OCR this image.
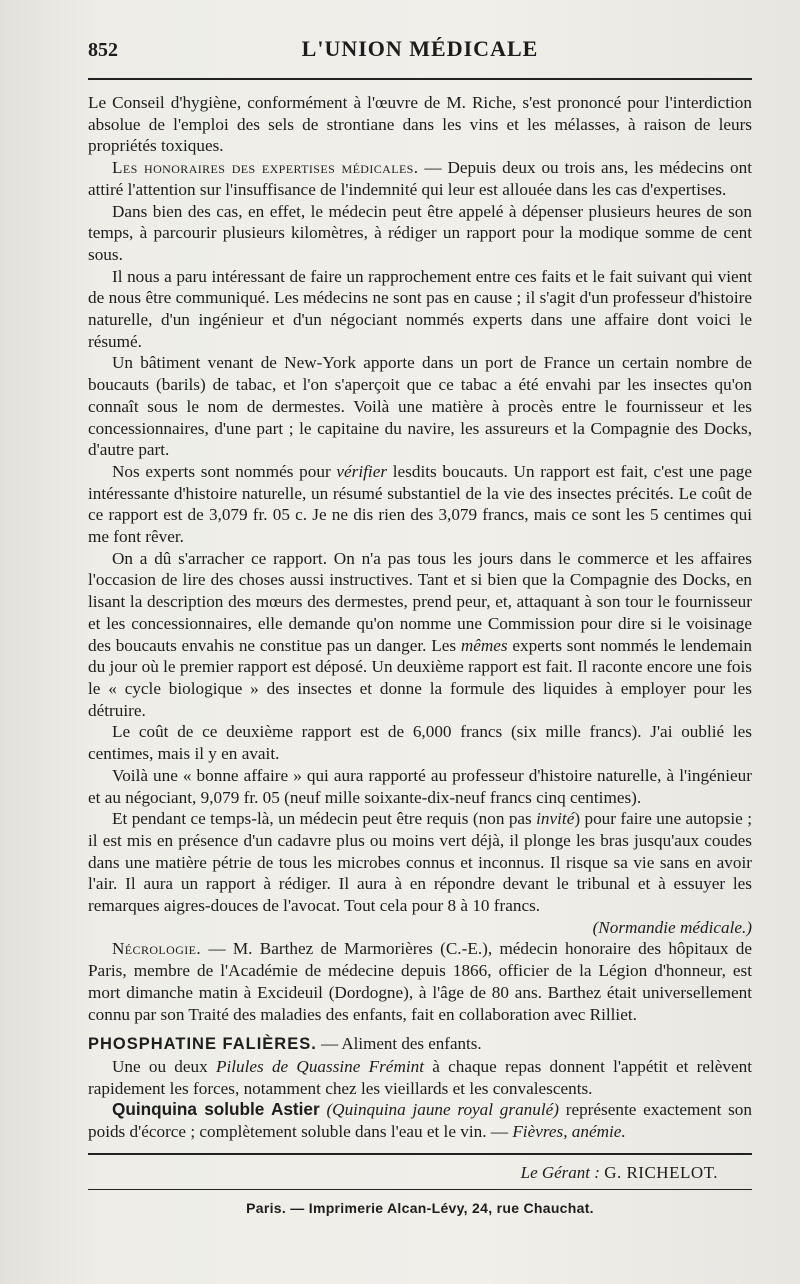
852	L'UNION MÉDICALE

Le Conseil d'hygiène, conformément à l'œuvre de M. Riche, s'est prononcé pour l'interdiction absolue de l'emploi des sels de strontiane dans les vins et les mélasses, à raison de leurs propriétés toxiques.

Les honoraires des expertises médicales. — Depuis deux ou trois ans, les médecins ont attiré l'attention sur l'insuffisance de l'indemnité qui leur est allouée dans les cas d'expertises.

Dans bien des cas, en effet, le médecin peut être appelé à dépenser plusieurs heures de son temps, à parcourir plusieurs kilomètres, à rédiger un rapport pour la modique somme de cent sous.

Il nous a paru intéressant de faire un rapprochement entre ces faits et le fait suivant qui vient de nous être communiqué. Les médecins ne sont pas en cause ; il s'agit d'un professeur d'histoire naturelle, d'un ingénieur et d'un négociant nommés experts dans une affaire dont voici le résumé.

Un bâtiment venant de New-York apporte dans un port de France un certain nombre de boucauts (barils) de tabac, et l'on s'aperçoit que ce tabac a été envahi par les insectes qu'on connaît sous le nom de dermestes. Voilà une matière à procès entre le fournisseur et les concessionnaires, d'une part ; le capitaine du navire, les assureurs et la Compagnie des Docks, d'autre part.

Nos experts sont nommés pour vérifier lesdits boucauts. Un rapport est fait, c'est une page intéressante d'histoire naturelle, un résumé substantiel de la vie des insectes précités. Le coût de ce rapport est de 3,079 fr. 05 c. Je ne dis rien des 3,079 francs, mais ce sont les 5 centimes qui me font rêver.

On a dû s'arracher ce rapport. On n'a pas tous les jours dans le commerce et les affaires l'occasion de lire des choses aussi instructives. Tant et si bien que la Compagnie des Docks, en lisant la description des mœurs des dermestes, prend peur, et, attaquant à son tour le fournisseur et les concessionnaires, elle demande qu'on nomme une Commission pour dire si le voisinage des boucauts envahis ne constitue pas un danger. Les mêmes experts sont nommés le lendemain du jour où le premier rapport est déposé. Un deuxième rapport est fait. Il raconte encore une fois le « cycle biologique » des insectes et donne la formule des liquides à employer pour les détruire.

Le coût de ce deuxième rapport est de 6,000 francs (six mille francs). J'ai oublié les centimes, mais il y en avait.

Voilà une « bonne affaire » qui aura rapporté au professeur d'histoire naturelle, à l'ingénieur et au négociant, 9,079 fr. 05 (neuf mille soixante-dix-neuf francs cinq centimes).

Et pendant ce temps-là, un médecin peut être requis (non pas invité) pour faire une autopsie ; il est mis en présence d'un cadavre plus ou moins vert déjà, il plonge les bras jusqu'aux coudes dans une matière pétrie de tous les microbes connus et inconnus. Il risque sa vie sans en avoir l'air. Il aura un rapport à rédiger. Il aura à en répondre devant le tribunal et à essuyer les remarques aigres-douces de l'avocat. Tout cela pour 8 à 10 francs.

(Normandie médicale.)

Nécrologie. — M. Barthez de Marmorières (C.-E.), médecin honoraire des hôpitaux de Paris, membre de l'Académie de médecine depuis 1866, officier de la Légion d'honneur, est mort dimanche matin à Excideuil (Dordogne), à l'âge de 80 ans. Barthez était universellement connu par son Traité des maladies des enfants, fait en collaboration avec Rilliet.

PHOSPHATINE FALIÈRES. — Aliment des enfants.

Une ou deux Pilules de Quassine Frémint à chaque repas donnent l'appétit et relèvent rapidement les forces, notamment chez les vieillards et les convalescents.

Quinquina soluble Astier (Quinquina jaune royal granulé) représente exactement son poids d'écorce ; complètement soluble dans l'eau et le vin. — Fièvres, anémie.

Le Gérant : G. RICHELOT.
Paris. — Imprimerie Alcan-Lévy, 24, rue Chauchat.
